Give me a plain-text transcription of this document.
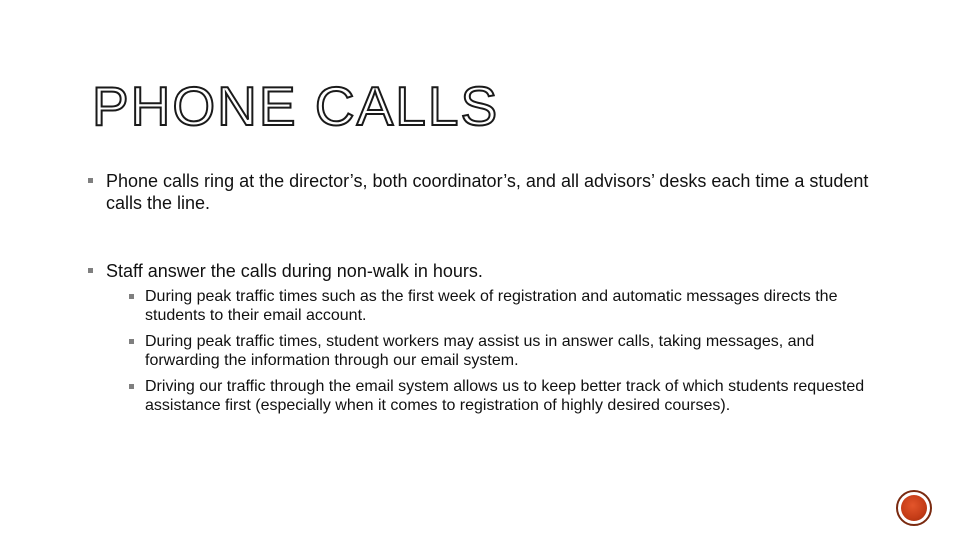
PHONE CALLS
Phone calls ring at the director’s, both coordinator’s, and all advisors’ desks each time a student calls the line.
Staff answer the calls during non-walk in hours.
During peak traffic times such as the first week of registration and automatic messages directs the students to their email account.
During peak traffic times, student workers may assist us in answer calls, taking messages, and forwarding the information through our email system.
Driving our traffic through the email system allows us to keep better track of which students requested assistance first (especially when it comes to registration of highly desired courses).
